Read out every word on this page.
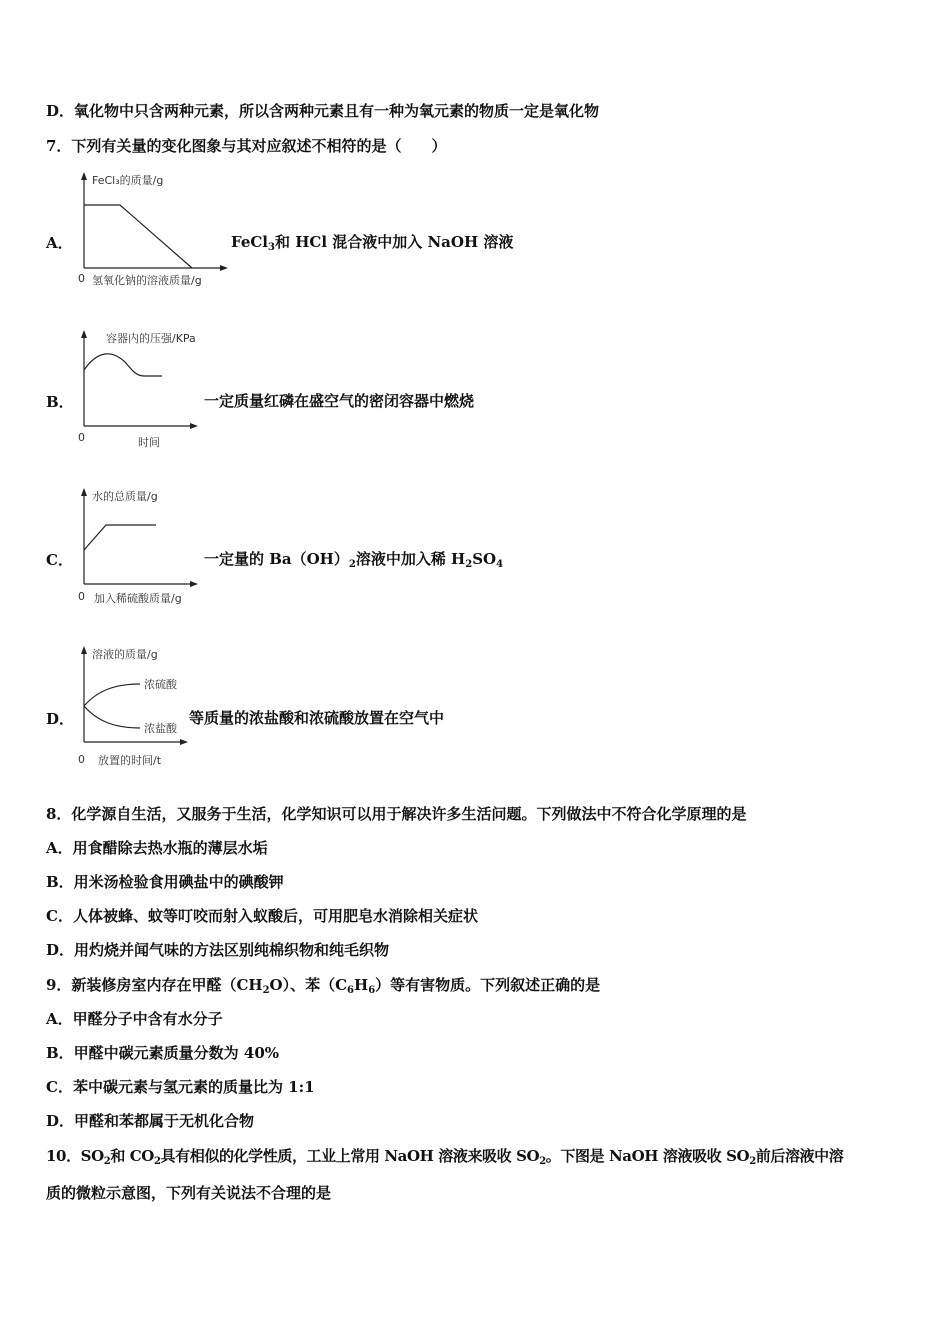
D．氧化物中只含两种元素，所以含两种元素且有一种为氧元素的物质一定是氧化物
7．下列有关量的变化图象与其对应叙述不相符的是（　　）
A．
FeCl₃的质量/g
0 氢氧化钠的溶液质量/g
FeCl$_3$和 HCl 混合液中加入 NaOH 溶液
B．
容器内的压强/KPa
0	时间
一定质量红磷在盛空气的密闭容器中燃烧
C．
水的总质量/g
0 加入稀硫酸质量/g
一定量的 $Ba(OH)_2$溶液中加入稀 $H_2SO_4$
D．
溶液的质量/g
浓硫酸
浓盐酸
0 放置的时间/t
等质量的浓盐酸和浓硫酸放置在空气中
8．化学源自生活，又服务于生活，化学知识可以用于解决许多生活问题。下列做法中不符合化学原理的是
A．用食醋除去热水瓶的薄层水垢
B．用米汤检验食用碘盐中的碘酸钾
C．人体被蜂、蚊等叮咬而射入蚁酸后，可用肥皂水消除相关症状
D．用灼烧并闻气味的方法区别纯棉织物和纯毛织物
9．新装修房室内存在甲醛$(CH_2O)$、苯$(C_6H_6)$等有害物质。下列叙述正确的是
A．甲醛分子中含有水分子
B．甲醛中碳元素质量分数为 40%
C．苯中碳元素与氢元素的质量比为 1:1
D．甲醛和苯都属于无机化合物
10．$SO_2$和 $CO_2$具有相似的化学性质，工业上常用 NaOH 溶液来吸收 $SO_2$。下图是 NaOH 溶液吸收 $SO_2$前后溶液中溶
质的微粒示意图，下列有关说法不合理的是
